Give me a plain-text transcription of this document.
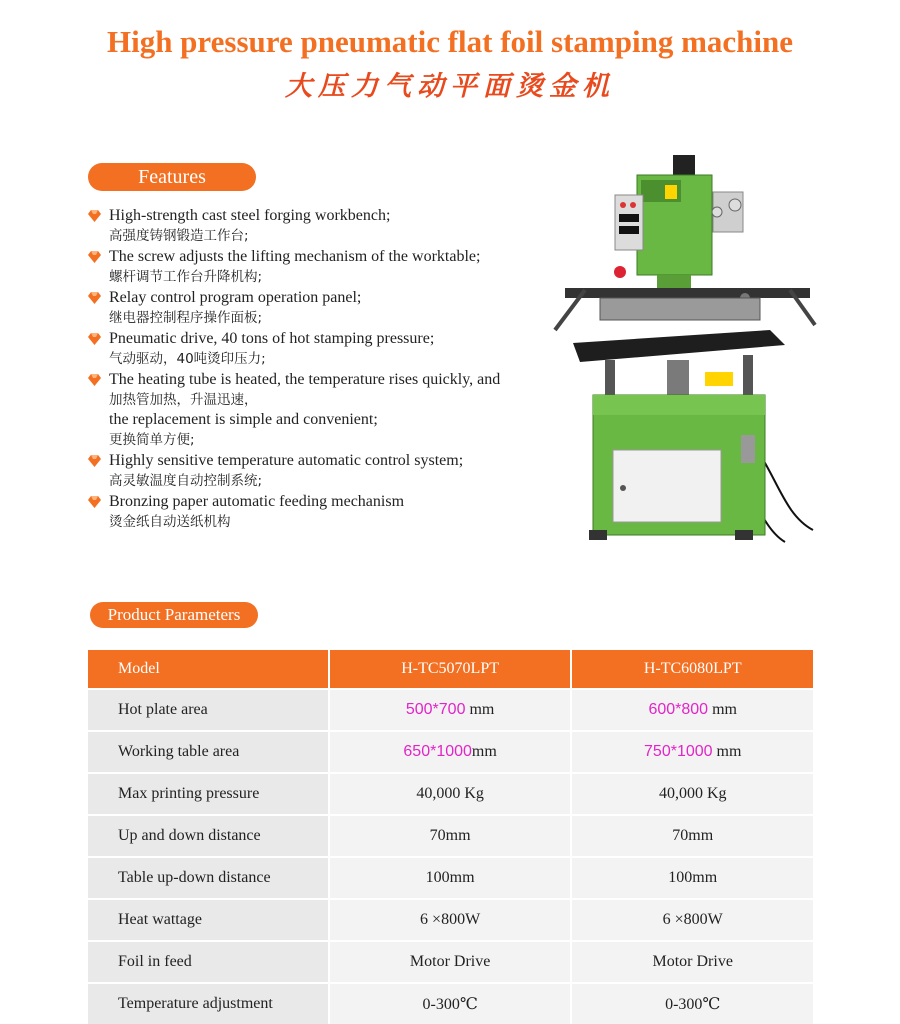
High pressure pneumatic flat foil stamping machine
大压力气动平面烫金机
Features
High-strength cast steel forging workbench;
高强度铸钢锻造工作台;
The screw adjusts the lifting mechanism of the worktable;
螺杆调节工作台升降机构;
Relay control program operation panel;
继电器控制程序操作面板;
Pneumatic drive, 40 tons of hot stamping pressure;
气动驱动，40吨烫印压力;
The heating tube is heated, the temperature rises quickly, and
加热管加热，升温迅速，
the replacement is simple and convenient;
更换简单方便;
Highly sensitive temperature automatic control system;
高灵敏温度自动控制系统;
Bronzing paper automatic feeding mechanism
烫金纸自动送纸机构
Product Parameters
Model	H-TC5070LPT	H-TC6080LPT
Hot plate area	500*700 mm	600*800 mm
Working table area	650*1000mm	750*1000 mm
Max printing pressure	40,000 Kg	40,000 Kg
Up and down distance	70mm	70mm
Table up-down distance	100mm	100mm
Heat wattage	6 ×800W	6 ×800W
Foil in feed	Motor Drive	Motor Drive
Temperature adjustment	0-300℃	0-300℃
